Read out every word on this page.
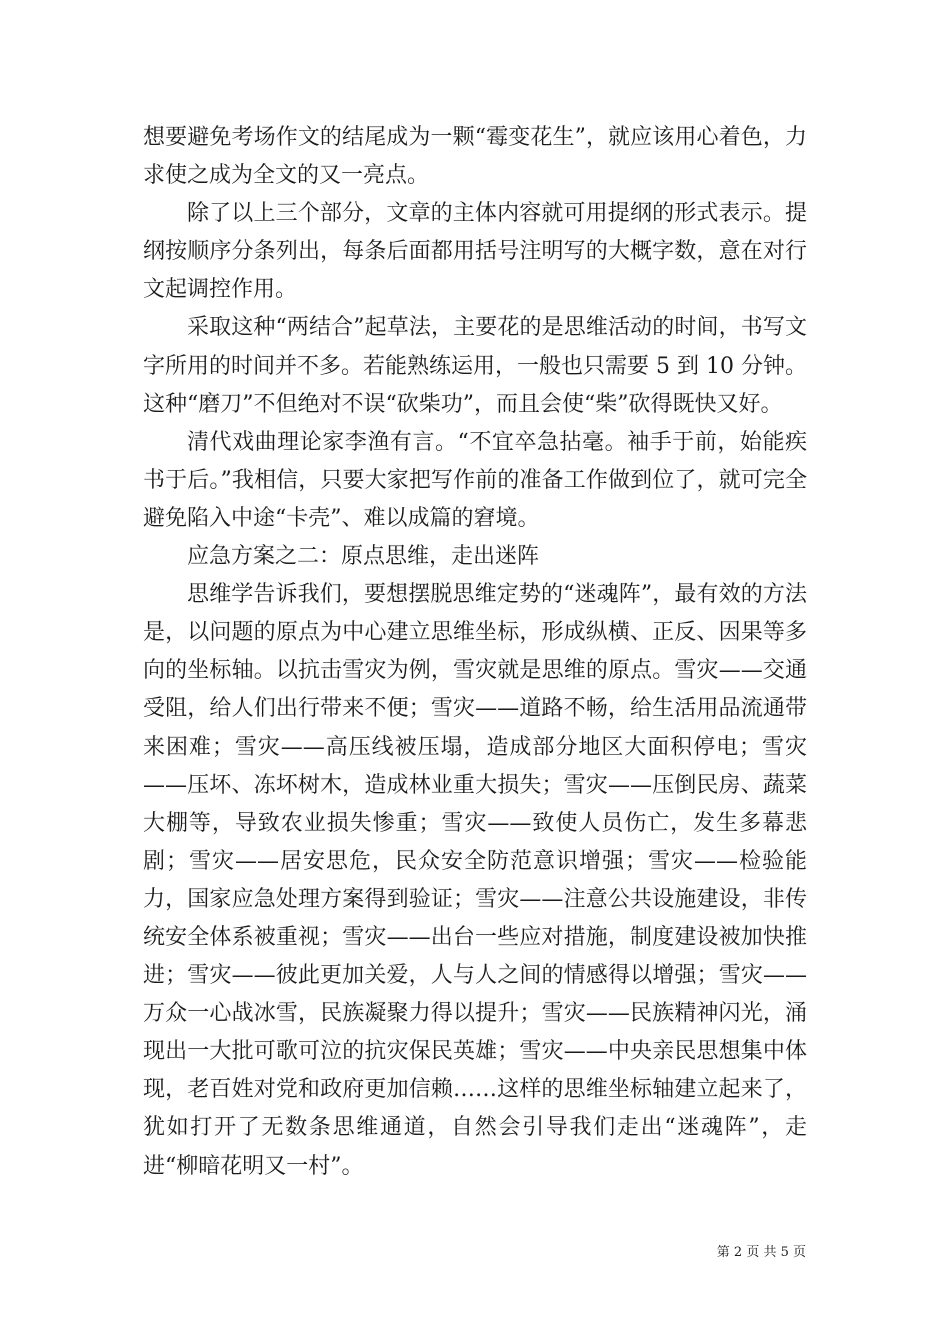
想要避免考场作文的结尾成为一颗“霉变花生”，就应该用心着色，力求使之成为全文的又一亮点。

除了以上三个部分，文章的主体内容就可用提纲的形式表示。提纲按顺序分条列出，每条后面都用括号注明写的大概字数，意在对行文起调控作用。

采取这种“两结合”起草法，主要花的是思维活动的时间，书写文字所用的时间并不多。若能熟练运用，一般也只需要 5 到 10 分钟。这种“磨刀”不但绝对不误“砍柴功”，而且会使“柴”砍得既快又好。

清代戏曲理论家李渔有言。“不宜卒急拈毫。袖手于前，始能疾书于后。”我相信，只要大家把写作前的准备工作做到位了，就可完全避免陷入中途“卡壳”、难以成篇的窘境。

应急方案之二：原点思维，走出迷阵

思维学告诉我们，要想摆脱思维定势的“迷魂阵”，最有效的方法是，以问题的原点为中心建立思维坐标，形成纵横、正反、因果等多向的坐标轴。以抗击雪灾为例，雪灾就是思维的原点。雪灾——交通受阻，给人们出行带来不便；雪灾——道路不畅，给生活用品流通带来困难；雪灾——高压线被压塌，造成部分地区大面积停电；雪灾——压坏、冻坏树木，造成林业重大损失；雪灾——压倒民房、蔬菜大棚等，导致农业损失惨重；雪灾——致使人员伤亡，发生多幕悲剧；雪灾——居安思危，民众安全防范意识增强；雪灾——检验能力，国家应急处理方案得到验证；雪灾——注意公共设施建设，非传统安全体系被重视；雪灾——出台一些应对措施，制度建设被加快推进；雪灾——彼此更加关爱，人与人之间的情感得以增强；雪灾——万众一心战冰雪，民族凝聚力得以提升；雪灾——民族精神闪光，涌现出一大批可歌可泣的抗灾保民英雄；雪灾——中央亲民思想集中体现，老百姓对党和政府更加信赖……这样的思维坐标轴建立起来了，犹如打开了无数条思维通道，自然会引导我们走出“迷魂阵”，走进“柳暗花明又一村”。

第 2 页 共 5 页
